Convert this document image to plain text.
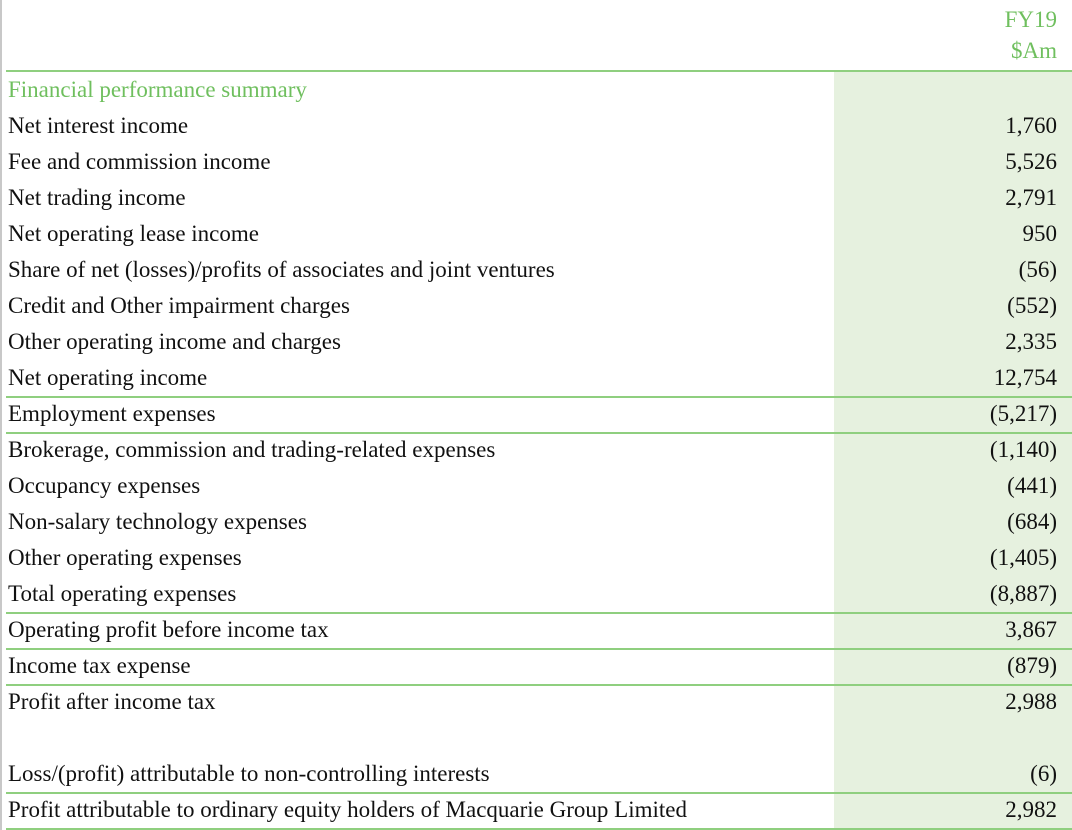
FY19
$Am
Financial performance summary
Net interest income	1,760
Fee and commission income	5,526
Net trading income	2,791
Net operating lease income	950
Share of net (losses)/profits of associates and joint ventures	(56)
Credit and Other impairment charges	(552)
Other operating income and charges	2,335
Net operating income	12,754
Employment expenses	(5,217)
Brokerage, commission and trading-related expenses	(1,140)
Occupancy expenses	(441)
Non-salary technology expenses	(684)
Other operating expenses	(1,405)
Total operating expenses	(8,887)
Operating profit before income tax	3,867
Income tax expense	(879)
Profit after income tax	2,988
Loss/(profit) attributable to non-controlling interests	(6)
Profit attributable to ordinary equity holders of Macquarie Group Limited	2,982
